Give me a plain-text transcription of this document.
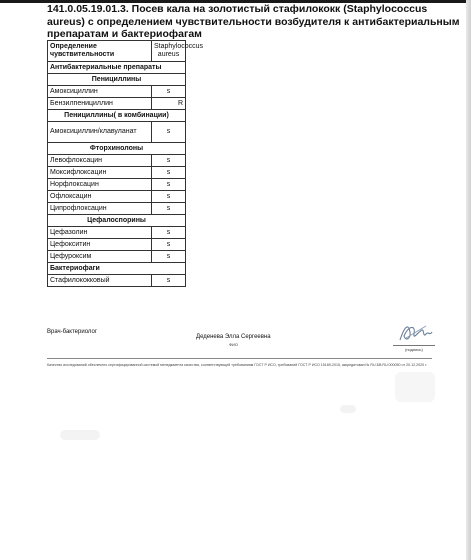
141.0.05.19.01.3. Посев кала на золотистый стафилококк (Staphylococcus aureus) с определением чувствительности возбудителя к антибактериальным препаратам и бактериофагам
Определение чувствительности	Staphylococcus aureus
Антибактериальные препараты	
Пенициллины	
Амоксициллин	s
Бензилпенициллин	R
Пенициллины( в комбинации)	
Амоксициллин/клавуланат	s
Фторхинолоны	
Левофлоксацин	s
Моксифлоксацин	s
Норфлоксацин	s
Офлоксацин	s
Ципрофлоксацин	s
Цефалоспорины	
Цефазолин	s
Цефокситин	s
Цефуроксим	s
Бактериофаги	
Стафилококковый	s
Врач-бактериолог
Деденева Элла Сергеевна
ФИО
(подпись)
Качество исследований обеспечено сертифицированной системой менеджмента качества, соответствующей требованиям ГОСТ Р ИСО, требований ГОСТ Р ИСО 15189-2015, аккредитован № RU.БВ.RU.000050 от 20.12.2020 г.
